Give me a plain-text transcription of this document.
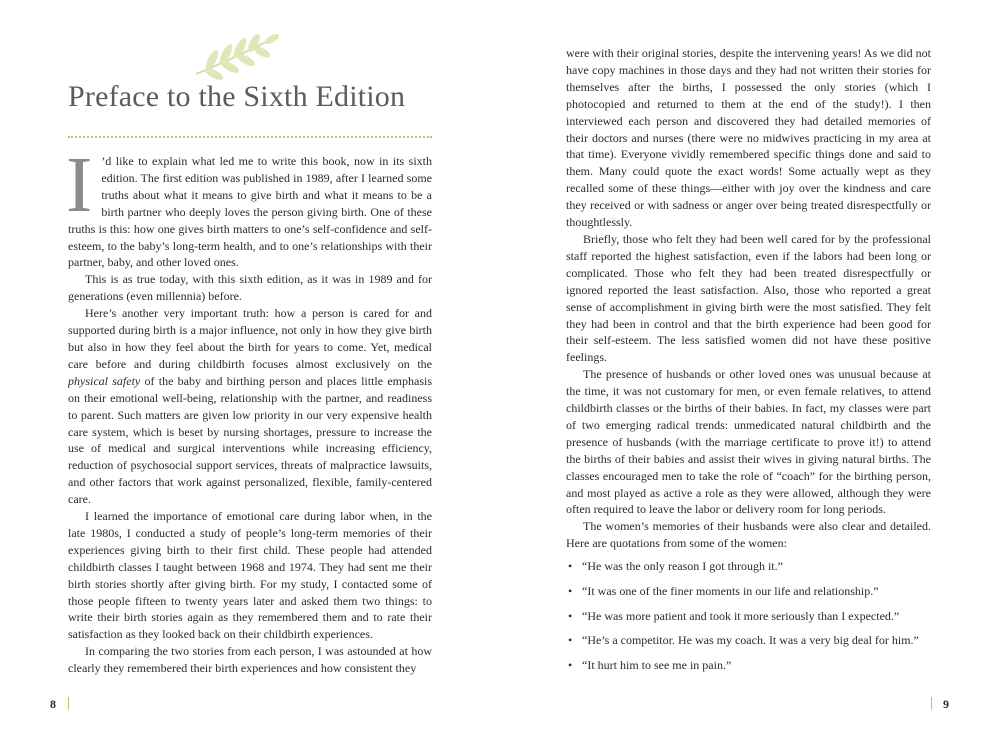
Preface to the Sixth Edition

I ’d like to explain what led me to write this book, now in its sixth edition. The first edition was published in 1989, after I learned some truths about what it means to give birth and what it means to be a birth partner who deeply loves the person giving birth. One of these truths is this: how one gives birth matters to one’s self-confidence and self-esteem, to the baby’s long-term health, and to one’s relationships with their partner, baby, and other loved ones.

This is as true today, with this sixth edition, as it was in 1989 and for generations (even millennia) before.

Here’s another very important truth: how a person is cared for and supported during birth is a major influence, not only in how they give birth but also in how they feel about the birth for years to come. Yet, medical care before and during childbirth focuses almost exclusively on the physical safety of the baby and birthing person and places little emphasis on their emotional well-being, relationship with the partner, and readiness to parent. Such matters are given low priority in our very expensive health care system, which is beset by nursing shortages, pressure to increase the use of medical and surgical interventions while increasing efficiency, reduction of psychosocial support services, threats of malpractice lawsuits, and other factors that work against personalized, flexible, family-centered care.

I learned the importance of emotional care during labor when, in the late 1980s, I conducted a study of people’s long-term memories of their experiences giving birth to their first child. These people had attended childbirth classes I taught between 1968 and 1974. They had sent me their birth stories shortly after giving birth. For my study, I contacted some of those people fifteen to twenty years later and asked them two things: to write their birth stories again as they remembered them and to rate their satisfaction as they looked back on their childbirth experiences.

In comparing the two stories from each person, I was astounded at how clearly they remembered their birth experiences and how consistent they

8

were with their original stories, despite the intervening years! As we did not have copy machines in those days and they had not written their stories for themselves after the births, I possessed the only stories (which I photocopied and returned to them at the end of the study!). I then interviewed each person and discovered they had detailed memories of their doctors and nurses (there were no midwives practicing in my area at that time). Everyone vividly remembered specific things done and said to them. Many could quote the exact words! Some actually wept as they recalled some of these things—either with joy over the kindness and care they received or with sadness or anger over being treated disrespectfully or thoughtlessly.

Briefly, those who felt they had been well cared for by the professional staff reported the highest satisfaction, even if the labors had been long or complicated. Those who felt they had been treated disrespectfully or ignored reported the least satisfaction. Also, those who reported a great sense of accomplishment in giving birth were the most satisfied. They felt they had been in control and that the birth experience had been good for their self-esteem. The less satisfied women did not have these positive feelings.

The presence of husbands or other loved ones was unusual because at the time, it was not customary for men, or even female relatives, to attend childbirth classes or the births of their babies. In fact, my classes were part of two emerging radical trends: unmedicated natural childbirth and the presence of husbands (with the marriage certificate to prove it!) to attend the births of their babies and assist their wives in giving natural births. The classes encouraged men to take the role of “coach” for the birthing person, and most played as active a role as they were allowed, although they were often required to leave the labor or delivery room for long periods.

The women’s memories of their husbands were also clear and detailed. Here are quotations from some of the women:

• “He was the only reason I got through it.”
• “It was one of the finer moments in our life and relationship.”
• “He was more patient and took it more seriously than I expected.”
• “He’s a competitor. He was my coach. It was a very big deal for him.”
• “It hurt him to see me in pain.”
9
